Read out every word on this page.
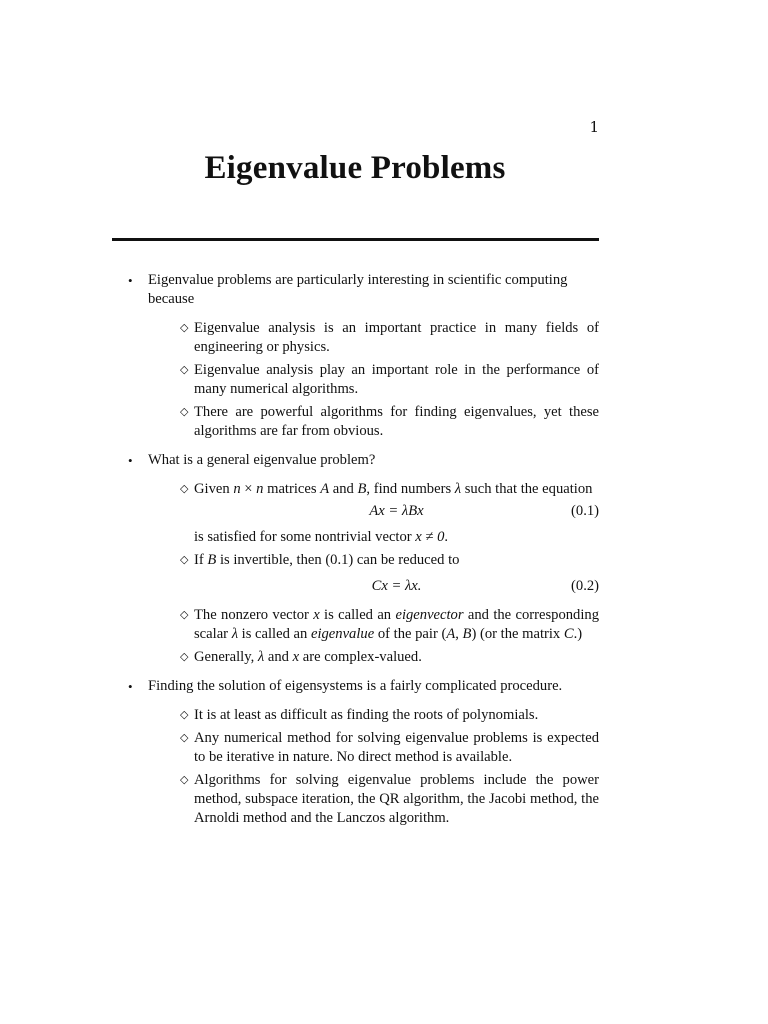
1
Eigenvalue Problems
• Eigenvalue problems are particularly interesting in scientific computing because
◇ Eigenvalue analysis is an important practice in many fields of engineering or physics.
◇ Eigenvalue analysis play an important role in the performance of many numerical algorithms.
◇ There are powerful algorithms for finding eigenvalues, yet these algorithms are far from obvious.
• What is a general eigenvalue problem?
◇ Given n × n matrices A and B, find numbers λ such that the equation
Ax = λBx	(0.1)
is satisfied for some nontrivial vector x ≠ 0.
◇ If B is invertible, then (0.1) can be reduced to
Cx = λx.	(0.2)
◇ The nonzero vector x is called an eigenvector and the corresponding scalar λ is called an eigenvalue of the pair (A, B) (or the matrix C.)
◇ Generally, λ and x are complex-valued.
• Finding the solution of eigensystems is a fairly complicated procedure.
◇ It is at least as difficult as finding the roots of polynomials.
◇ Any numerical method for solving eigenvalue problems is expected to be iterative in nature. No direct method is available.
◇ Algorithms for solving eigenvalue problems include the power method, subspace iteration, the QR algorithm, the Jacobi method, the Arnoldi method and the Lanczos algorithm.
